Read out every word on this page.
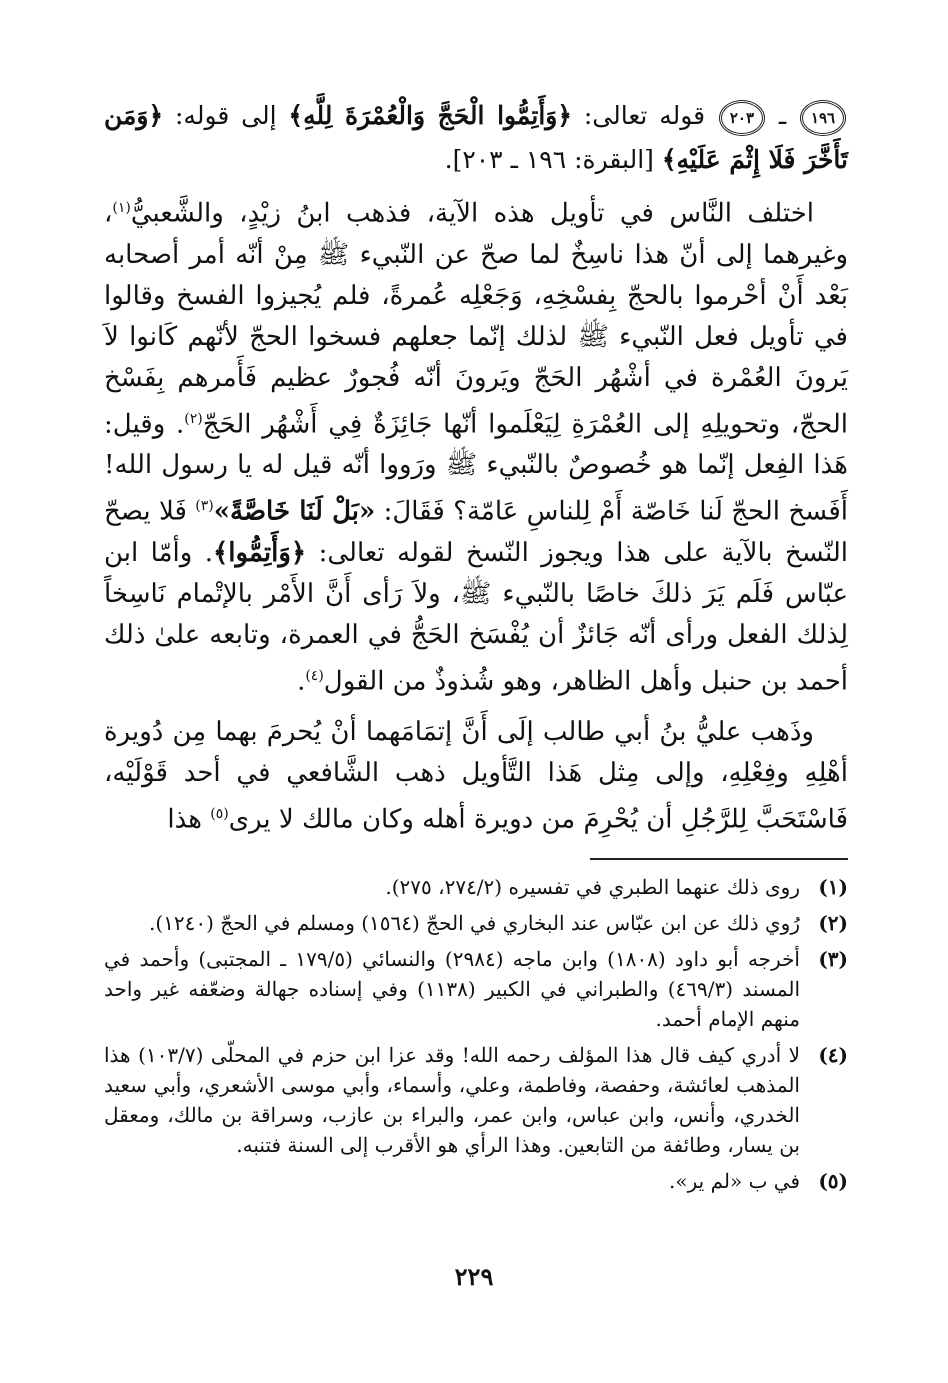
١٩٦ ـ ٢٠٣ قوله تعالى: ﴿وَأَتِمُّوا الْحَجَّ وَالْعُمْرَةَ لِلَّهِ﴾ إلى قوله: ﴿وَمَن تَأَخَّرَ فَلَا إِثْمَ عَلَيْهِ﴾ [البقرة: ١٩٦ ـ ٢٠٣].
اختلف النَّاس في تأويل هذه الآية، فذهب ابنُ زيْدٍ، والشَّعبيُّ$^{(١)}$، وغيرهما إلى أنّ هذا ناسِخٌ لما صحّ عن النّبيء ﷺ مِنْ أنّه أمر أصحابه بَعْد أَنْ أحْرموا بالحجّ بِفسْخِهِ، وَجَعْلِه عُمرةً، فلم يُجيزوا الفسخ وقالوا في تأويل فعل النّبيء ﷺ لذلك إنّما جعلهم فسخوا الحجّ لأنّهم كَانوا لاَ يَرونَ العُمْرة في أشْهُر الحَجّ ويَرونَ أنّه فُجورٌ عظيم فَأَمرهم بِفَسْخ الحجّ، وتحويلِهِ إلى العُمْرَةِ لِيَعْلَموا أنّها جَائِزَةٌ فِي أَشْهُر الحَجّ$^{(٢)}$. وقيل: هَذا الفِعل إنّما هو خُصوصٌ بالنّبيء ﷺ ورَووا أنّه قيل له يا رسول الله! أَفَسخ الحجّ لَنا خَاصّة أَمْ لِلناسِ عَامّة؟ فَقَالَ: «بَلْ لَنَا خَاصَّةً»$^{(٣)}$ فَلا يصحّ النّسخ بالآية على هذا ويجوز النّسخ لقوله تعالى: ﴿وَأَتِمُّوا﴾. وأمّا ابن عبّاس فَلَم يَرَ ذلكَ خاصًا بالنّبيء ﷺ، ولاَ رَأى أَنَّ الأَمْر بالإتْمام نَاسِخاً لِذلك الفعل ورأى أنّه جَائزٌ أن يُفْسَخ الحَجُّ في العمرة، وتابعه علىٰ ذلك أحمد بن حنبل وأهل الظاهر، وهو شُذوذٌ من القول$^{(٤)}$.
وذَهب عليُّ بنُ أبي طالب إلَى أَنَّ إتمَامَهما أنْ يُحرمَ بهما مِن دُويرة أهْلِهِ وفِعْلِهِ، وإلى مِثل هَذا التَّأويل ذهب الشَّافعي في أحد قَوْلَيْه، فَاسْتَحَبَّ لِلرَّجُلِ أن يُحْرِمَ من دويرة أهله وكان مالك لا يرى$^{(٥)}$ هذا
(١)
روى ذلك عنهما الطبري في تفسيره (٢٧٤/٢، ٢٧٥).
(٢)
رُوي ذلك عن ابن عبّاس عند البخاري في الحجّ (١٥٦٤) ومسلم في الحجّ (١٢٤٠).
(٣)
أخرجه أبو داود (١٨٠٨) وابن ماجه (٢٩٨٤) والنسائي (١٧٩/٥ ـ المجتبى) وأحمد في المسند (٤٦٩/٣) والطبراني في الكبير (١١٣٨) وفي إسناده جهالة وضعّفه غير واحد منهم الإمام أحمد.
(٤)
لا أدري كيف قال هذا المؤلف رحمه الله! وقد عزا ابن حزم في المحلّى (١٠٣/٧) هذا المذهب لعائشة، وحفصة، وفاطمة، وعلي، وأسماء، وأبي موسى الأشعري، وأبي سعيد الخدري، وأنس، وابن عباس، وابن عمر، والبراء بن عازب، وسراقة بن مالك، ومعقل بن يسار، وطائفة من التابعين. وهذا الرأي هو الأقرب إلى السنة فتنبه.
(٥)
في ب «لم ير».
٢٢٩
